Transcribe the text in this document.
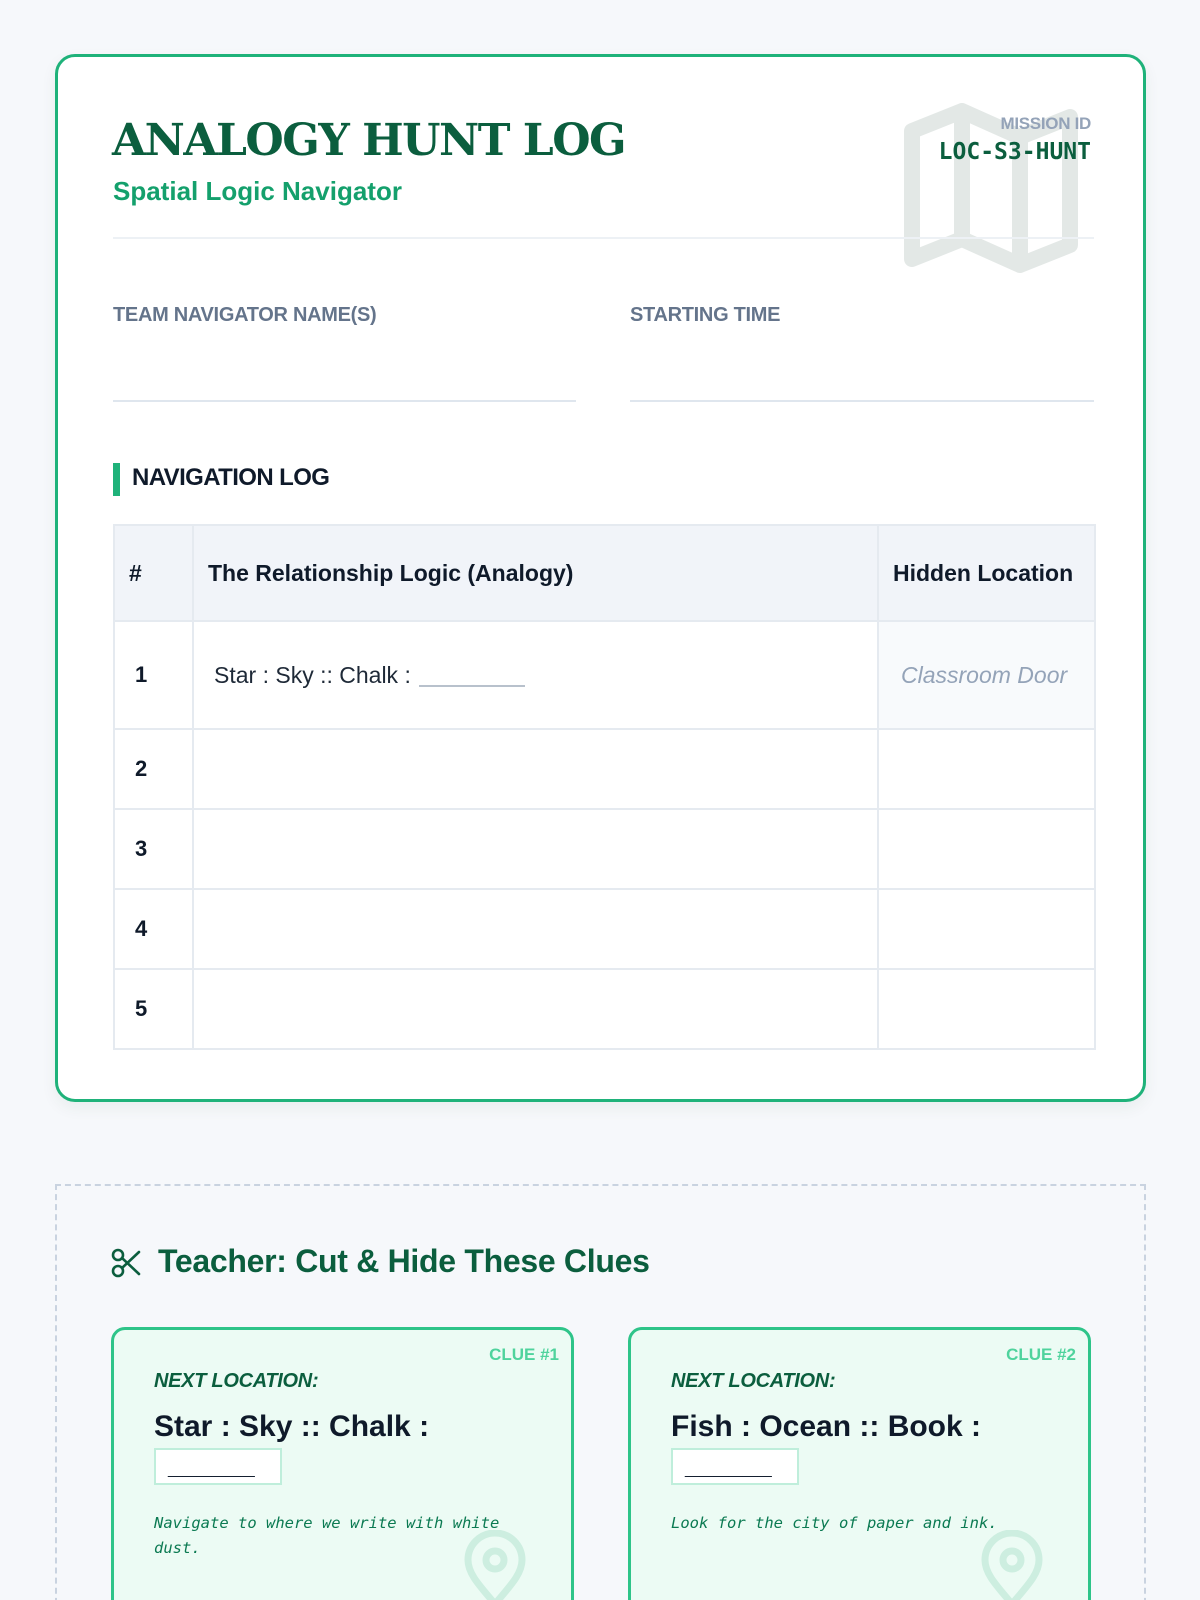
ANALOGY HUNT LOG
Spatial Logic Navigator
MISSION ID
LOC-S3-HUNT
TEAM NAVIGATOR NAME(S)	STARTING TIME
NAVIGATION LOG
#	The Relationship Logic (Analogy)	Hidden Location
1	Star : Sky :: Chalk :	Classroom Door
2		
3		
4		
5		
Teacher: Cut & Hide These Clues
CLUE #1
NEXT LOCATION:
Star : Sky :: Chalk :
______
Navigate to where we write with white dust.
CLUE #2
NEXT LOCATION:
Fish : Ocean :: Book :
______
Look for the city of paper and ink.
